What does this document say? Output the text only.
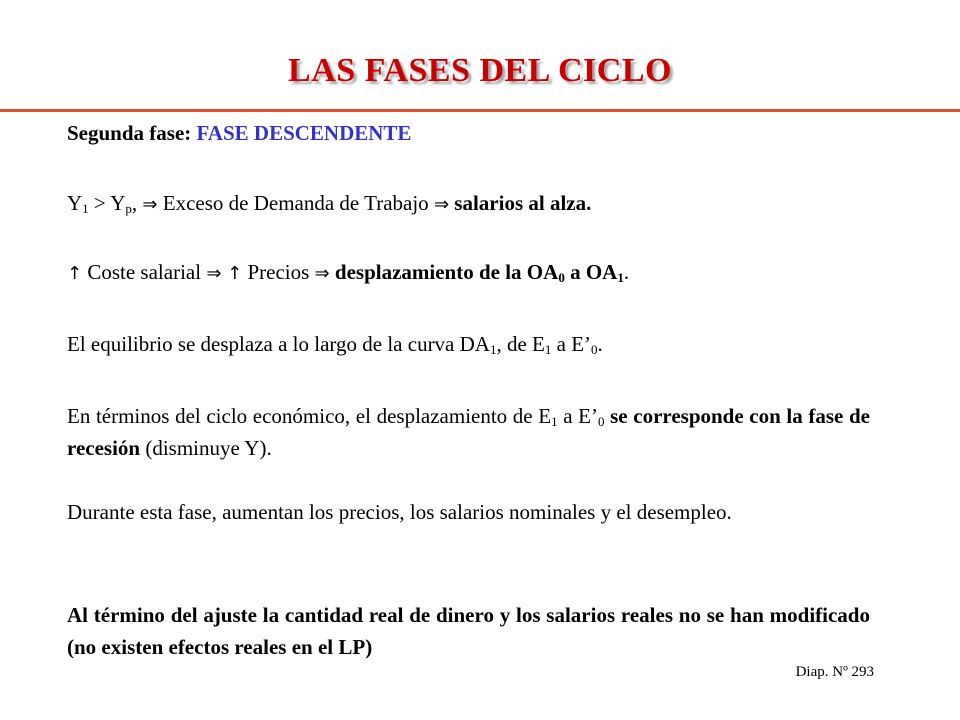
LAS FASES DEL CICLO

Segunda fase: FASE DESCENDENTE

$Y_1 > Y_p$, ⇒ Exceso de Demanda de Trabajo ⇒ salarios al alza.

↑ Coste salarial ⇒ ↑ Precios ⇒ desplazamiento de la $OA_0$ a $OA_1$.

El equilibrio se desplaza a lo largo de la curva $DA_1$, de $E_1$ a $E’_0$.

En términos del ciclo económico, el desplazamiento de $E_1$ a $E’_0$ se corresponde con la fase de recesión (disminuye Y).

Durante esta fase, aumentan los precios, los salarios nominales y el desempleo.

Al término del ajuste la cantidad real de dinero y los salarios reales no se han modificado (no existen efectos reales en el LP)

Diap. Nº 293
